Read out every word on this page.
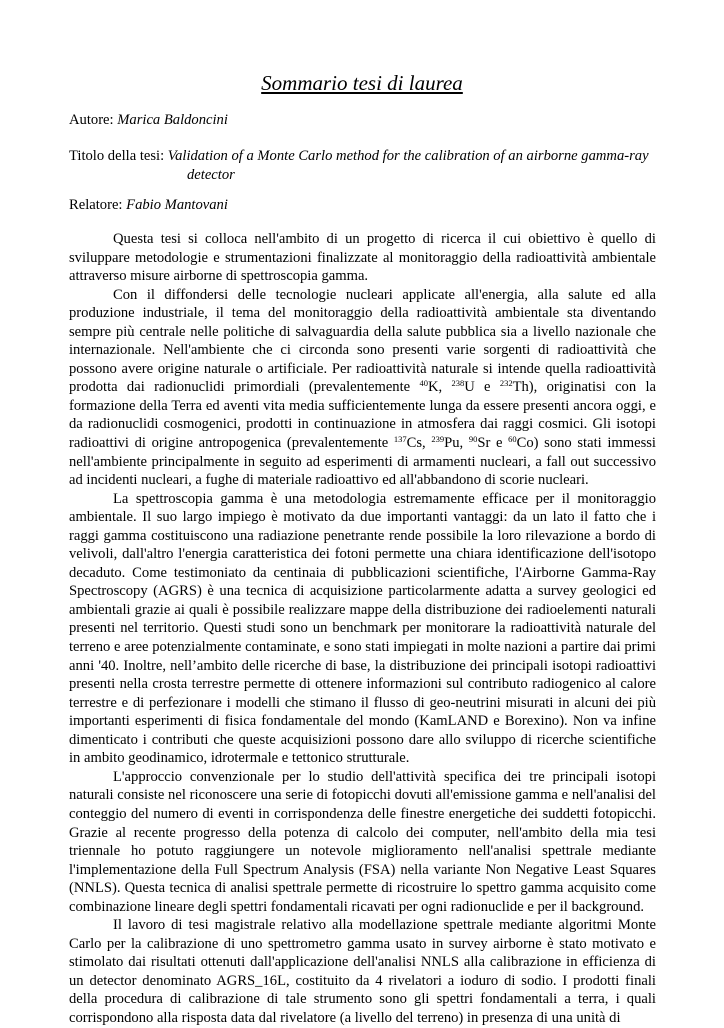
Sommario tesi di laurea
Autore: Marica Baldoncini
Titolo della tesi: Validation of a Monte Carlo method for the calibration of an airborne gamma-ray
detector
Relatore: Fabio Mantovani

Questa tesi si colloca nell'ambito di un progetto di ricerca il cui obiettivo è quello di sviluppare metodologie e strumentazioni finalizzate al monitoraggio della radioattività ambientale attraverso misure airborne di spettroscopia gamma.

Con il diffondersi delle tecnologie nucleari applicate all'energia, alla salute ed alla produzione industriale, il tema del monitoraggio della radioattività ambientale sta diventando sempre più centrale nelle politiche di salvaguardia della salute pubblica sia a livello nazionale che internazionale. Nell'ambiente che ci circonda sono presenti varie sorgenti di radioattività che possono avere origine naturale o artificiale. Per radioattività naturale si intende quella radioattività prodotta dai radionuclidi primordiali (prevalentemente $^{40}$K, $^{238}$U e $^{232}$Th), originatisi con la formazione della Terra ed aventi vita media sufficientemente lunga da essere presenti ancora oggi, e da radionuclidi cosmogenici, prodotti in continuazione in atmosfera dai raggi cosmici. Gli isotopi radioattivi di origine antropogenica (prevalentemente $^{137}$Cs, $^{239}$Pu, $^{90}$Sr e $^{60}$Co) sono stati immessi nell'ambiente principalmente in seguito ad esperimenti di armamenti nucleari, a fall out successivo ad incidenti nucleari, a fughe di materiale radioattivo ed all'abbandono di scorie nucleari.

La spettroscopia gamma è una metodologia estremamente efficace per il monitoraggio ambientale. Il suo largo impiego è motivato da due importanti vantaggi: da un lato il fatto che i raggi gamma costituiscono una radiazione penetrante rende possibile la loro rilevazione a bordo di velivoli, dall'altro l'energia caratteristica dei fotoni permette una chiara identificazione dell'isotopo decaduto. Come testimoniato da centinaia di pubblicazioni scientifiche, l'Airborne Gamma-Ray Spectroscopy (AGRS) è una tecnica di acquisizione particolarmente adatta a survey geologici ed ambientali grazie ai quali è possibile realizzare mappe della distribuzione dei radioelementi naturali presenti nel territorio. Questi studi sono un benchmark per monitorare la radioattività naturale del terreno e aree potenzialmente contaminate, e sono stati impiegati in molte nazioni a partire dai primi anni '40. Inoltre, nell’ambito delle ricerche di base, la distribuzione dei principali isotopi radioattivi presenti nella crosta terrestre permette di ottenere informazioni sul contributo radiogenico al calore terrestre e di perfezionare i modelli che stimano il flusso di geo-neutrini misurati in alcuni dei più importanti esperimenti di fisica fondamentale del mondo (KamLAND e Borexino). Non va infine dimenticato i contributi che queste acquisizioni possono dare allo sviluppo di ricerche scientifiche in ambito geodinamico, idrotermale e tettonico strutturale.

L'approccio convenzionale per lo studio dell'attività specifica dei tre principali isotopi naturali consiste nel riconoscere una serie di fotopicchi dovuti all'emissione gamma e nell'analisi del conteggio del numero di eventi in corrispondenza delle finestre energetiche dei suddetti fotopicchi. Grazie al recente progresso della potenza di calcolo dei computer, nell'ambito della mia tesi triennale ho potuto raggiungere un notevole miglioramento nell'analisi spettrale mediante l'implementazione della Full Spectrum Analysis (FSA) nella variante Non Negative Least Squares (NNLS). Questa tecnica di analisi spettrale permette di ricostruire lo spettro gamma acquisito come combinazione lineare degli spettri fondamentali ricavati per ogni radionuclide e per il background.

Il lavoro di tesi magistrale relativo alla modellazione spettrale mediante algoritmi Monte Carlo per la calibrazione di uno spettrometro gamma usato in survey airborne è stato motivato e stimolato dai risultati ottenuti dall'applicazione dell'analisi NNLS alla calibrazione in efficienza di un detector denominato AGRS_16L, costituito da 4 rivelatori a ioduro di sodio. I prodotti finali della procedura di calibrazione di tale strumento sono gli spettri fondamentali a terra, i quali corrispondono alla risposta data dal rivelatore (a livello del terreno) in presenza di una unità di
